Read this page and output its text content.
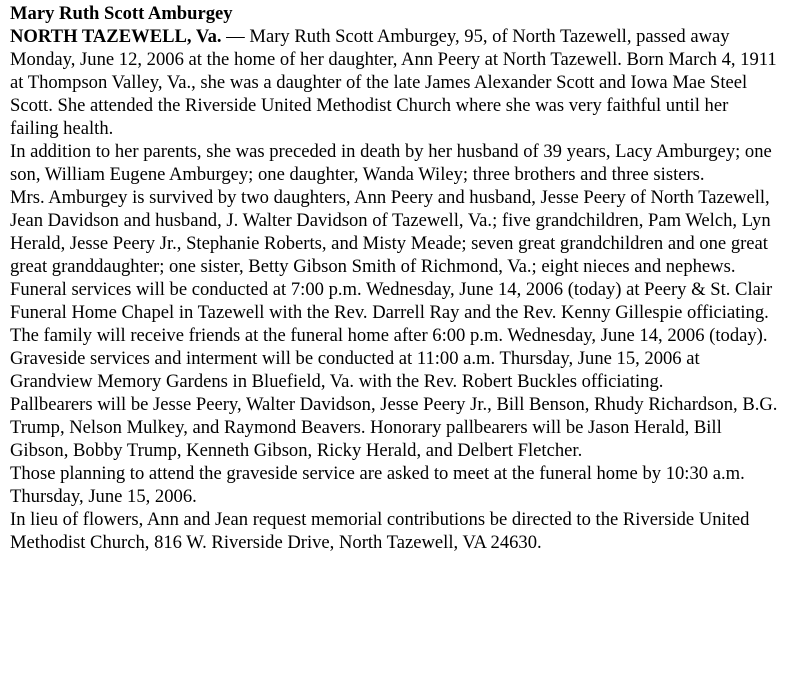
Mary Ruth Scott Amburgey

NORTH TAZEWELL, Va. — Mary Ruth Scott Amburgey, 95, of North Tazewell, passed away Monday, June 12, 2006 at the home of her daughter, Ann Peery at North Tazewell. Born March 4, 1911 at Thompson Valley, Va., she was a daughter of the late James Alexander Scott and Iowa Mae Steel Scott. She attended the Riverside United Methodist Church where she was very faithful until her failing health.

In addition to her parents, she was preceded in death by her husband of 39 years, Lacy Amburgey; one son, William Eugene Amburgey; one daughter, Wanda Wiley; three brothers and three sisters.

Mrs. Amburgey is survived by two daughters, Ann Peery and husband, Jesse Peery of North Tazewell, Jean Davidson and husband, J. Walter Davidson of Tazewell, Va.; five grandchildren, Pam Welch, Lyn Herald, Jesse Peery Jr., Stephanie Roberts, and Misty Meade; seven great grandchildren and one great great granddaughter; one sister, Betty Gibson Smith of Richmond, Va.; eight nieces and nephews.

Funeral services will be conducted at 7:00 p.m. Wednesday, June 14, 2006 (today) at Peery & St. Clair Funeral Home Chapel in Tazewell with the Rev. Darrell Ray and the Rev. Kenny Gillespie officiating.

The family will receive friends at the funeral home after 6:00 p.m. Wednesday, June 14, 2006 (today).

Graveside services and interment will be conducted at 11:00 a.m. Thursday, June 15, 2006 at Grandview Memory Gardens in Bluefield, Va. with the Rev. Robert Buckles officiating.

Pallbearers will be Jesse Peery, Walter Davidson, Jesse Peery Jr., Bill Benson, Rhudy Richardson, B.G. Trump, Nelson Mulkey, and Raymond Beavers. Honorary pallbearers will be Jason Herald, Bill Gibson, Bobby Trump, Kenneth Gibson, Ricky Herald, and Delbert Fletcher.

Those planning to attend the graveside service are asked to meet at the funeral home by 10:30 a.m. Thursday, June 15, 2006.

In lieu of flowers, Ann and Jean request memorial contributions be directed to the Riverside United Methodist Church, 816 W. Riverside Drive, North Tazewell, VA 24630.
